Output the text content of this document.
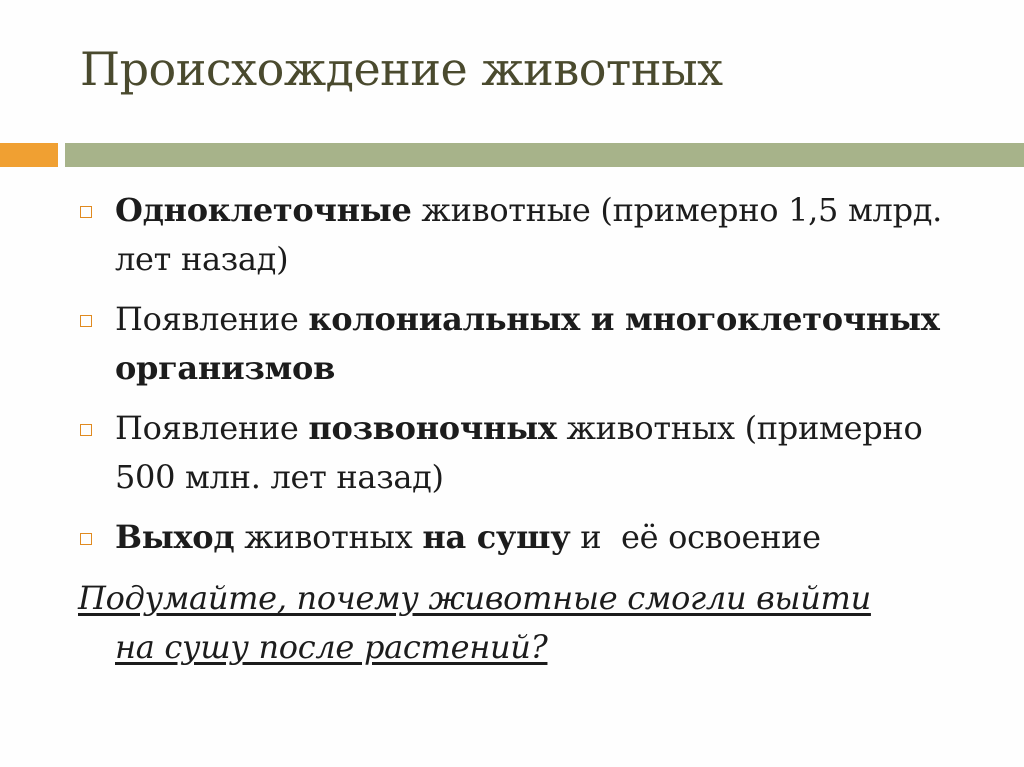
Происхождение животных
Одноклеточные животные (примерно 1,5 млрд. лет назад)
Появление колониальных и многоклеточных организмов
Появление позвоночных животных (примерно 500 млн. лет назад)
Выход животных на сушу и  её освоение
Подумайте, почему животные смогли выйти
на сушу после растений?
